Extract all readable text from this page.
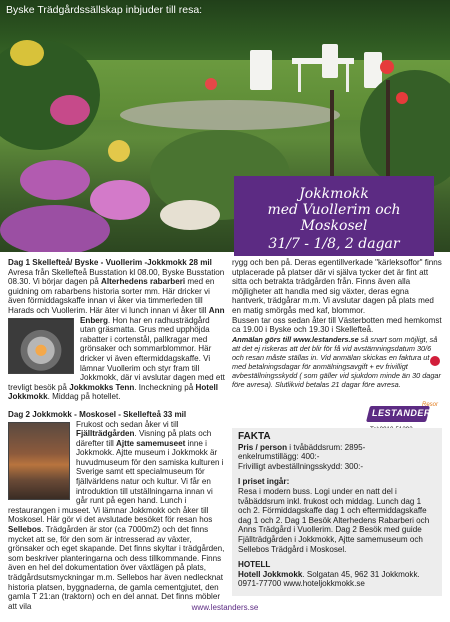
Byske Trädgårdssällskap inbjuder till resa:
Jokkmokk
med Vuollerim och Moskosel
31/7 - 1/8, 2 dagar

Dag 1 Skellefteå/ Byske - Vuollerim -Jokkmokk 28 mil
Avresa från Skellefteå Busstation kl 08.00, Byske Busstation 08.30. Vi börjar dagen på Alterhedens rabarberi med en guidning om rabarbens historia sorter mm. Här dricker vi även förmiddagskaffe innan vi åker via timmerleden till Harads och Vuollerim. Här äter vi lunch innan vi åker till
Ann Enberg. Hon har en radhusträdgård utan gräsmatta. Grus med upphöjda rabatter i cortenstål, pallkragar med grönsaker och sommarblommor. Här dricker vi även eftermiddagskaffe. Vi lämnar Vuollerim och styr fram till Jokkmokk, där vi avslutar dagen med ett trevligt besök på Jokkmokks Tenn. Incheckning på Hotell Jokkmokk. Middag på hotellet.

Dag 2 Jokkmokk - Moskosel - Skellefteå 33 mil

Frukost och sedan åker vi till Fjällträdgården. Visning på plats och därefter till Ajtte samemuseet inne i Jokkmokk. Ajtte museum i Jokkmokk är huvudmuseum för den samiska kulturen i Sverige samt ett specialmuseum för fjällvärldens natur och kultur. Vi får en introduktion till utställningarna innan vi går runt på egen hand. Lunch i restaurangen i museet. Vi lämnar Jokkmokk och åker till Moskosel. Här gör vi det avslutade besöket för resan hos Sellebos. Trädgården är stor (ca 7000m2) och det finns mycket att se, för den som är intresserad av växter, grönsaker och eget skapande. Det finns skyltar i trädgården, som beskriver planteringarna och dess tillkommande. Finns även en hel del dokumentation över växtlägen på plats, trädgårdsutsmyckningar m.m. Sellebos har även nedlecknat historia platsen, byggnaderna, de gamla cementgjutet, den gamla T 21:an (traktorn) och en del annat. Det finns möbler att vila

rygg och ben på. Deras egentillverkade "kärleksoffor" finns utplacerade på platser där vi själva tycker det är fint att sitta och betrakta trädgården från. Finns även alla möjligheter att handla med sig växter, deras egna hantverk, trädgårar m.m. Vi avslutar dagen på plats med en matig smörgås med kaf, blommor.

Bussen tar oss sedan åter till Västerbotten med hemkomst ca 19.00 i Byske och 19.30 i Skellefteå.

Anmälan görs till www.lestanders.se så snart som möjligt, så att det ej riskeras att det blir för få vid avstämningsdatum 30/6 och resan måste ställas in. Vid anmälan skickas en faktura ut med betalningsdagar för anmälningsavgift + ev frivilligt avbeställningsskydd ( som gäller vid sjukdom minde än 30 dagar före avresa). Slutlikvid betalas 21 dagar före avresa.

LESTANDERS
Resor
FAKTA

Pris / person i tvåbäddsrum: 2895-

enkelrumstillägg: 400:-

Frivilligt avbeställningsskydd: 300:-

I priset ingår:

Resa i modern buss. Logi under en natt del i tvåbäddsrum inkl. frukost och middag. Lunch dag 1 och 2. Förmiddagskaffe dag 1 och eftermiddagskaffe dag 1 och 2. Dag 1 Besök Alterhedens Rabarberi och Anns Trädgård i Vuollerim. Dag 2 Besök med guide Fjällträdgården i Jokkmokk, Ajtte samemuseum och Sellebos Trädgård i Moskosel.

HOTELL

Hotell Jokkmokk. Solgatan 45, 962 31 Jokkmokk.

0971-77700 www.hoteljokkmokk.se

www.lestanders.se
